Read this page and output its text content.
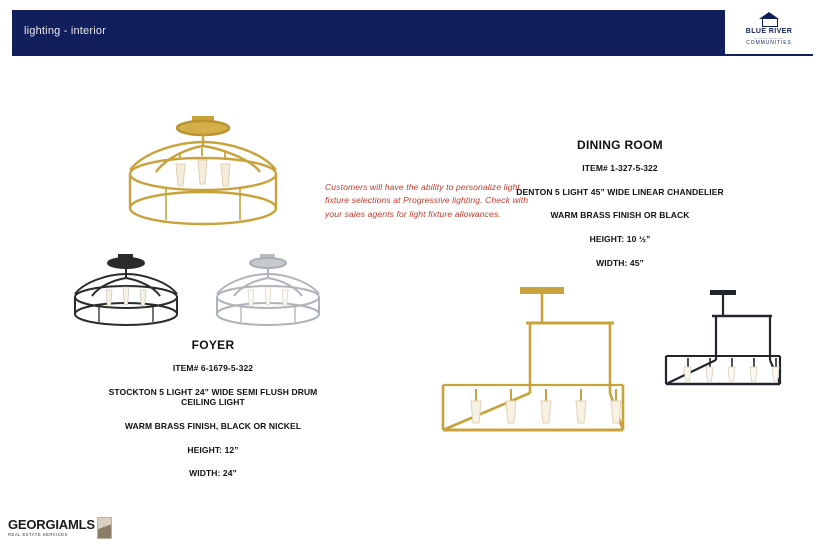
lighting - interior	BLUE RIVER
——————
COMMUNITIES
DINING ROOM
ITEM# 1-327-5-322
DENTON 5 LIGHT 45” WIDE LINEAR CHANDELIER
WARM BRASS FINISH OR BLACK
HEIGHT: 10 ½”
WIDTH: 45”
FOYER
ITEM# 6-1679-5-322
STOCKTON 5 LIGHT 24” WIDE SEMI FLUSH DRUM CEILING LIGHT
WARM BRASS FINISH, BLACK OR NICKEL
HEIGHT: 12”
WIDTH: 24”
Customers will have the ability to personalize light fixture selections at Progressive lighting. Check with your sales agents for light fixture allowances.
GEORGIAMLS
REAL ESTATE SERVICES
